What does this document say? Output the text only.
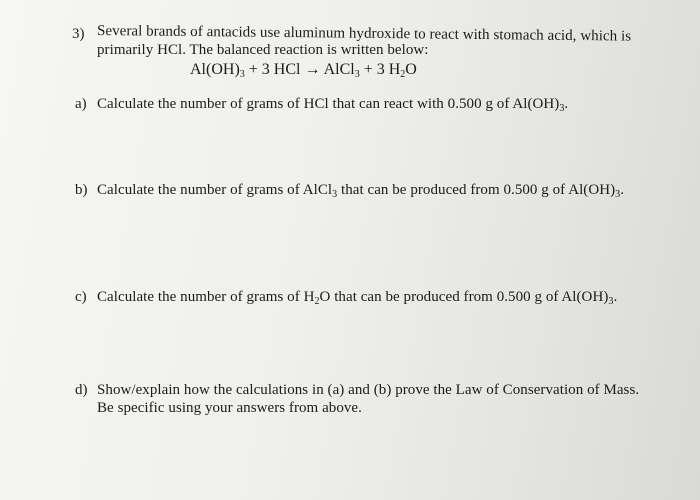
3) Several brands of antacids use aluminum hydroxide to react with stomach acid, which is
primarily HCl. The balanced reaction is written below:
$Al(OH)_3 + 3$ HCl → AlCl$_3$ + 3 $H_2O$
a) Calculate the number of grams of HCl that can react with 0.500 g of $Al(OH)_3$.
b) Calculate the number of grams of AlCl$_3$ that can be produced from 0.500 g of $Al(OH)_3$.
c) Calculate the number of grams of $H_2O$ that can be produced from 0.500 g of $Al(OH)_3$.
d) Show/explain how the calculations in (a) and (b) prove the Law of Conservation of Mass.
Be specific using your answers from above.
